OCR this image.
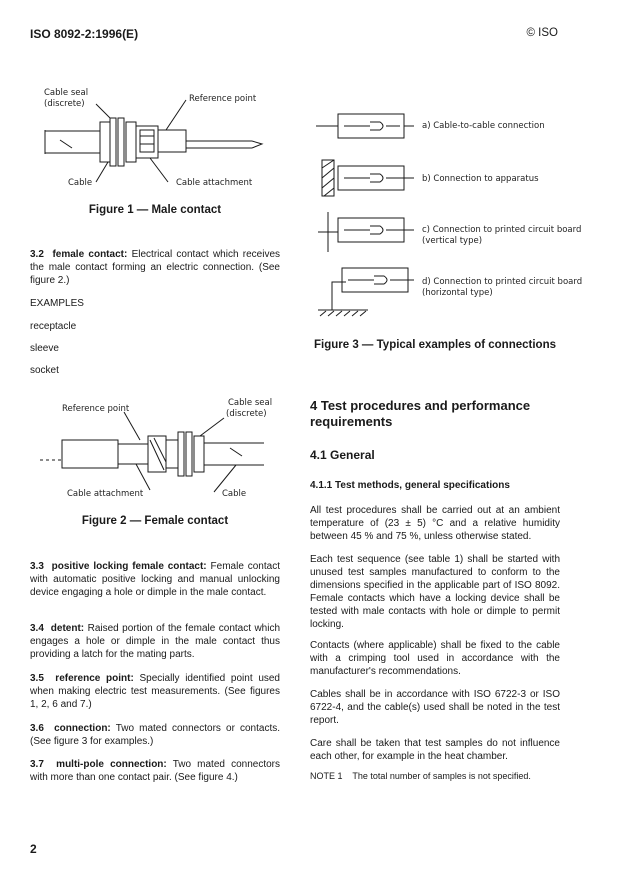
ISO 8092-2:1996(E)	© ISO
Cable seal
(discrete)	Reference point
Cable	Cable attachment
Figure 1 — Male contact
3.2 female contact: Electrical contact which receives the male contact forming an electric connection. (See figure 2.)
EXAMPLES
receptacle
sleeve
socket
Reference point
Cable seal
(discrete)
Cable attachment	Cable
Figure 2 — Female contact
3.3 positive locking female contact: Female contact with automatic positive locking and manual unlocking device engaging a hole or dimple in the male contact.
3.4 detent: Raised portion of the female contact which engages a hole or dimple in the male contact thus providing a latch for the mating parts.
3.5 reference point: Specially identified point used when making electric test measurements. (See figures 1, 2, 6 and 7.)
3.6 connection: Two mated connectors or contacts. (See figure 3 for examples.)
3.7 multi-pole connection: Two mated connectors with more than one contact pair. (See figure 4.)
2
a) Cable-to-cable connection
b) Connection to apparatus
c) Connection to printed circuit board
(vertical type)
d) Connection to printed circuit board
(horizontal type)
Figure 3 — Typical examples of connections
4 Test procedures and performance requirements
4.1 General
4.1.1 Test methods, general specifications
All test procedures shall be carried out at an ambient temperature of (23 ± 5) °C and a relative humidity between 45 % and 75 %, unless otherwise stated.
Each test sequence (see table 1) shall be started with unused test samples manufactured to conform to the dimensions specified in the applicable part of ISO 8092. Female contacts which have a locking device shall be tested with male contacts with hole or dimple to permit locking.
Contacts (where applicable) shall be fixed to the cable with a crimping tool used in accordance with the manufacturer's recommendations.
Cables shall be in accordance with ISO 6722-3 or ISO 6722-4, and the cable(s) used shall be noted in the test report.
Care shall be taken that test samples do not influence each other, for example in the heat chamber.
NOTE 1    The total number of samples is not specified.
